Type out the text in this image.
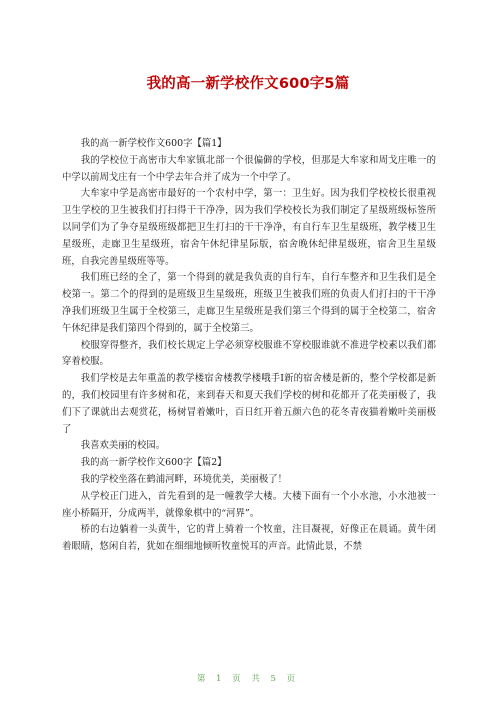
我的高一新学校作文600字5篇

我的高一新学校作文600字【篇1】

我的学校位于高密市大牟家镇北部一个很偏僻的学校，但那是大牟家和周戈庄唯一的中学以前周戈庄有一个中学去年合并了成为一个中学了。

大牟家中学是高密市最好的一个农村中学，第一：卫生好。因为我们学校校长很重视卫生学校的卫生被我们打扫得干干净净，因为我们学校校长为我们制定了星级班级标签所以同学们为了争夺星级班级都把卫生打扫的干干净净，有自行车卫生星级班，教学楼卫生星级班，走廊卫生星级班，宿舍午休纪律星际版，宿舍晚休纪律星级班，宿舍卫生星级班，自我完善星级班等等。

我们班已经的全了，第一个得到的就是我负责的自行车，自行车整齐和卫生我们是全校第一。第二个的得到的是班级卫生星级班，班级卫生被我们班的负责人们打扫的干干净净我们班级卫生属于全校第三，走廊卫生星级班是我们第三个得到的属于全校第二，宿舍午休纪律是我们第四个得到的，属于全校第三。

校服穿得整齐，我们校长规定上学必须穿校服谁不穿校服谁就不准进学校素以我们都穿着校服。

我们学校是去年重盖的教学楼宿舍楼教学楼哦手I新的宿舍楼是新的，整个学校都是新的，我们校园里有许多树和花，来到春天和夏天我们学校的树和花都开了花美丽极了，我们下了课就出去观赏花，杨树冒着嫩叶，百日红开着五颜六色的花冬青夜猫着嫩叶美丽极了

我喜欢美丽的校园。

我的高一新学校作文600字【篇2】

我的学校坐落在鹤浦河畔，环境优美，美丽极了！

从学校正门进入，首先看到的是一幢教学大楼。大楼下面有一个小水池，小水池被一座小桥隔开，分成两半，就像象棋中的“河界”。

桥的右边躺着一头黄牛，它的背上骑着一个牧童，注目凝视，好像正在晨诵。黄牛闭着眼睛，悠闲自若，犹如在细细地倾听牧童悦耳的声音。此情此景，不禁

第 1 页 共 5 页
